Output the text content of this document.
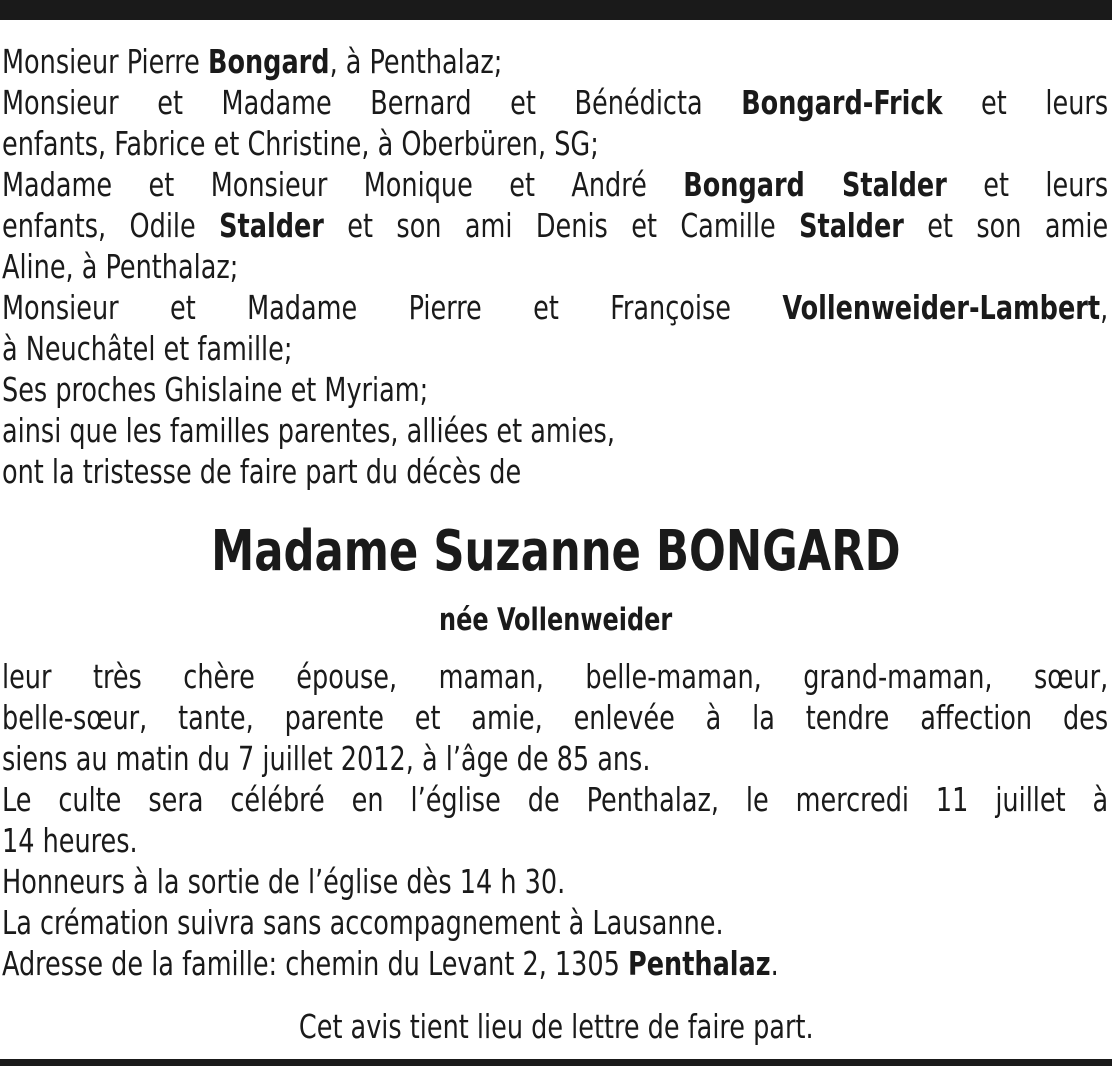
Monsieur Pierre Bongard, à Penthalaz;
Monsieur et Madame Bernard et Bénédicta Bongard-Frick et leurs
enfants, Fabrice et Christine, à Oberbüren, SG;
Madame et Monsieur Monique et André Bongard Stalder et leurs
enfants, Odile Stalder et son ami Denis et Camille Stalder et son amie
Aline, à Penthalaz;
Monsieur et Madame Pierre et Françoise Vollenweider-Lambert,
à Neuchâtel et famille;
Ses proches Ghislaine et Myriam;
ainsi que les familles parentes, alliées et amies,
ont la tristesse de faire part du décès de
Madame Suzanne BONGARD
née Vollenweider
leur très chère épouse, maman, belle-maman, grand-maman, sœur,
belle-sœur, tante, parente et amie, enlevée à la tendre affection des
siens au matin du 7 juillet 2012, à l’âge de 85 ans.
Le culte sera célébré en l’église de Penthalaz, le mercredi 11 juillet à
14 heures.
Honneurs à la sortie de l’église dès 14 h 30.
La crémation suivra sans accompagnement à Lausanne.
Adresse de la famille: chemin du Levant 2, 1305 Penthalaz.
Cet avis tient lieu de lettre de faire part.
